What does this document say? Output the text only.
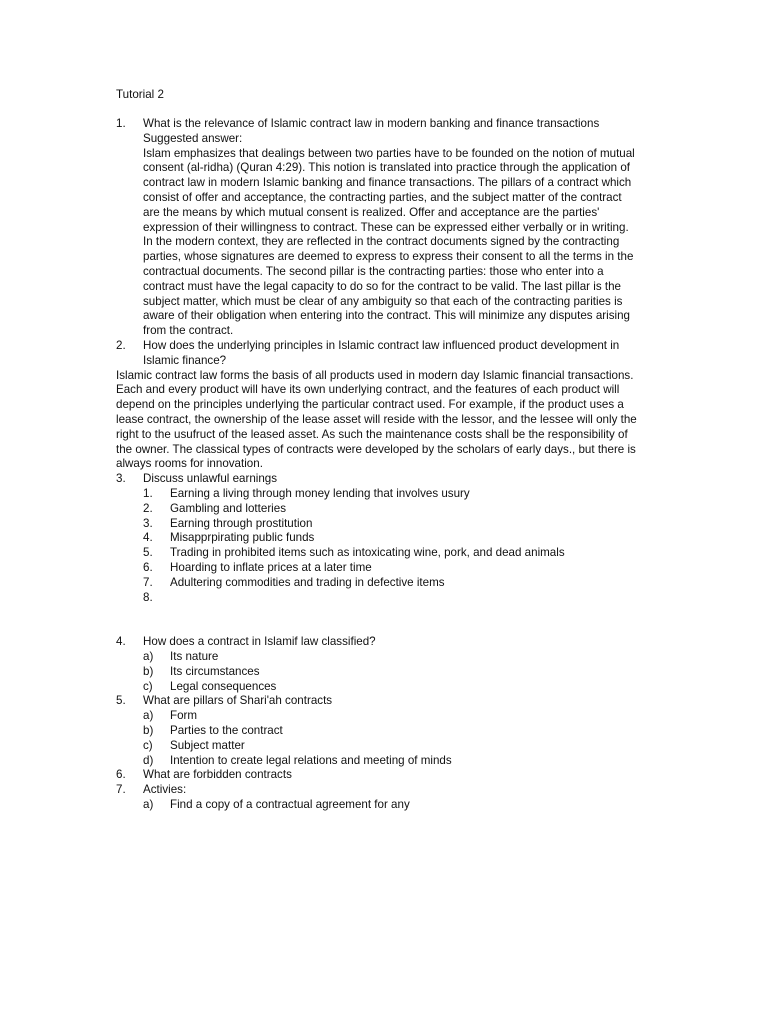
Tutorial 2
1. What is the relevance of Islamic contract law in modern banking and finance transactions
Suggested answer:
Islam emphasizes that dealings between two parties have to be founded on the notion of mutual
consent (al-ridha) (Quran 4:29). This notion is translated into practice through the application of
contract law in modern Islamic banking and finance transactions. The pillars of a contract which
consist of offer and acceptance, the contracting parties, and the subject matter of the contract
are the means by which mutual consent is realized. Offer and acceptance are the parties'
expression of their willingness to contract. These can be expressed either verbally or in writing.
In the modern context, they are reflected in the contract documents signed by the contracting
parties, whose signatures are deemed to express to express their consent to all the terms in the
contractual documents. The second pillar is the contracting parties: those who enter into a
contract must have the legal capacity to do so for the contract to be valid. The last pillar is the
subject matter, which must be clear of any ambiguity so that each of the contracting parities is
aware of their obligation when entering into the contract. This will minimize any disputes arising
from the contract.
2. How does the underlying principles in Islamic contract law influenced product development in
Islamic finance?
Islamic contract law forms the basis of all products used in modern day Islamic financial transactions.
Each and every product will have its own underlying contract, and the features of each product will
depend on the principles underlying the particular contract used. For example, if the product uses a
lease contract, the ownership of the lease asset will reside with the lessor, and the lessee will only the
right to the usufruct of the leased asset. As such the maintenance costs shall be the responsibility of
the owner. The classical types of contracts were developed by the scholars of early days., but there is
always rooms for innovation.
3. Discuss unlawful earnings
1. Earning a living through money lending that involves usury
2. Gambling and lotteries
3. Earning through prostitution
4. Misapprpirating public funds
5. Trading in prohibited items such as intoxicating wine, pork, and dead animals
6. Hoarding to inflate prices at a later time
7. Adultering commodities and trading in defective items
8.

4. How does a contract in Islamif law classified?
a) Its nature
b) Its circumstances
c) Legal consequences
5. What are pillars of Shari'ah contracts
a) Form
b) Parties to the contract
c) Subject matter
d) Intention to create legal relations and meeting of minds
6. What are forbidden contracts
7. Activies:
a) Find a copy of a contractual agreement for any
